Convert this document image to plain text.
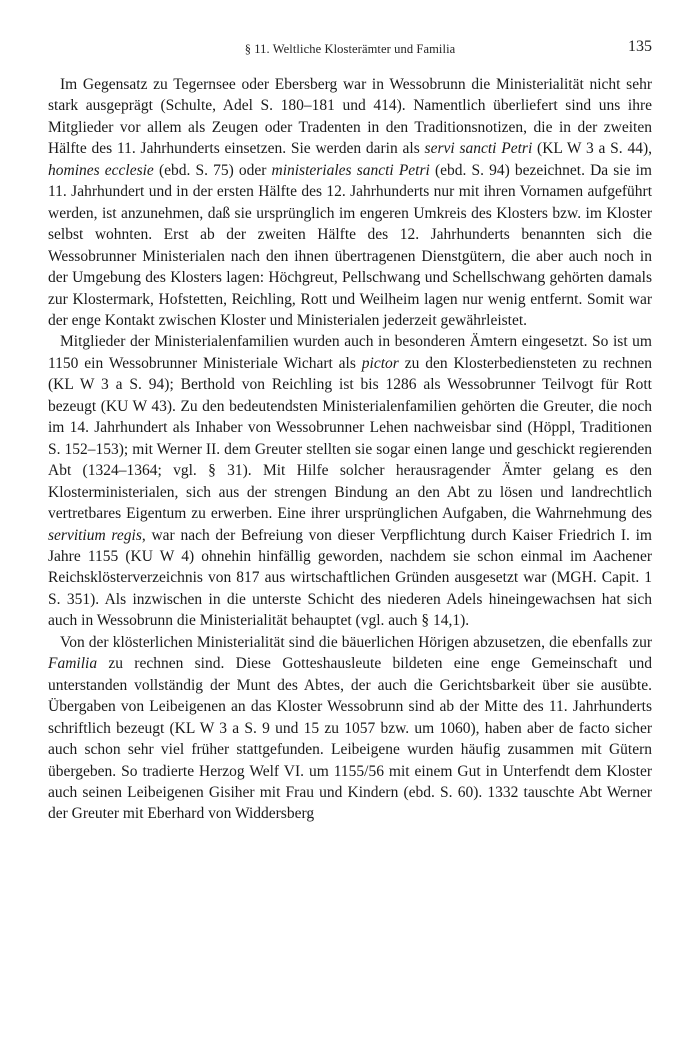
§ 11. Weltliche Klosterämter und Familia	135

Im Gegensatz zu Tegernsee oder Ebersberg war in Wessobrunn die Ministerialität nicht sehr stark ausgeprägt (Schulte, Adel S. 180–181 und 414). Namentlich überliefert sind uns ihre Mitglieder vor allem als Zeugen oder Tradenten in den Traditionsnotizen, die in der zweiten Hälfte des 11. Jahrhunderts einsetzen. Sie werden darin als servi sancti Petri (KL W 3 a S. 44), homines ecclesie (ebd. S. 75) oder ministeriales sancti Petri (ebd. S. 94) bezeichnet. Da sie im 11. Jahrhundert und in der ersten Hälfte des 12. Jahrhunderts nur mit ihren Vornamen aufgeführt werden, ist anzunehmen, daß sie ursprünglich im engeren Umkreis des Klosters bzw. im Kloster selbst wohnten. Erst ab der zweiten Hälfte des 12. Jahrhunderts benannten sich die Wessobrunner Ministerialen nach den ihnen übertragenen Dienstgütern, die aber auch noch in der Umgebung des Klosters lagen: Höchgreut, Pellschwang und Schellschwang gehörten damals zur Klostermark, Hofstetten, Reichling, Rott und Weilheim lagen nur wenig entfernt. Somit war der enge Kontakt zwischen Kloster und Ministerialen jederzeit gewährleistet.

Mitglieder der Ministerialenfamilien wurden auch in besonderen Ämtern eingesetzt. So ist um 1150 ein Wessobrunner Ministeriale Wichart als pictor zu den Klosterbediensteten zu rechnen (KL W 3 a S. 94); Berthold von Reichling ist bis 1286 als Wessobrunner Teilvogt für Rott bezeugt (KU W 43). Zu den bedeutendsten Ministerialenfamilien gehörten die Greuter, die noch im 14. Jahrhundert als Inhaber von Wessobrunner Lehen nachweisbar sind (Höppl, Traditionen S. 152–153); mit Werner II. dem Greuter stellten sie sogar einen lange und geschickt regierenden Abt (1324–1364; vgl. § 31). Mit Hilfe solcher herausragender Ämter gelang es den Klosterministerialen, sich aus der strengen Bindung an den Abt zu lösen und landrechtlich vertretbares Eigentum zu erwerben. Eine ihrer ursprünglichen Aufgaben, die Wahrnehmung des servitium regis, war nach der Befreiung von dieser Verpflichtung durch Kaiser Friedrich I. im Jahre 1155 (KU W 4) ohnehin hinfällig geworden, nachdem sie schon einmal im Aachener Reichsklösterverzeichnis von 817 aus wirtschaftlichen Gründen ausgesetzt war (MGH. Capit. 1 S. 351). Als inzwischen in die unterste Schicht des niederen Adels hineingewachsen hat sich auch in Wessobrunn die Ministerialität behauptet (vgl. auch § 14,1).

Von der klösterlichen Ministerialität sind die bäuerlichen Hörigen abzusetzen, die ebenfalls zur Familia zu rechnen sind. Diese Gotteshausleute bildeten eine enge Gemeinschaft und unterstanden vollständig der Munt des Abtes, der auch die Gerichtsbarkeit über sie ausübte. Übergaben von Leibeigenen an das Kloster Wessobrunn sind ab der Mitte des 11. Jahrhunderts schriftlich bezeugt (KL W 3 a S. 9 und 15 zu 1057 bzw. um 1060), haben aber de facto sicher auch schon sehr viel früher stattgefunden. Leibeigene wurden häufig zusammen mit Gütern übergeben. So tradierte Herzog Welf VI. um 1155/56 mit einem Gut in Unterfendt dem Kloster auch seinen Leibeigenen Gisiher mit Frau und Kindern (ebd. S. 60). 1332 tauschte Abt Werner der Greuter mit Eberhard von Widdersberg
